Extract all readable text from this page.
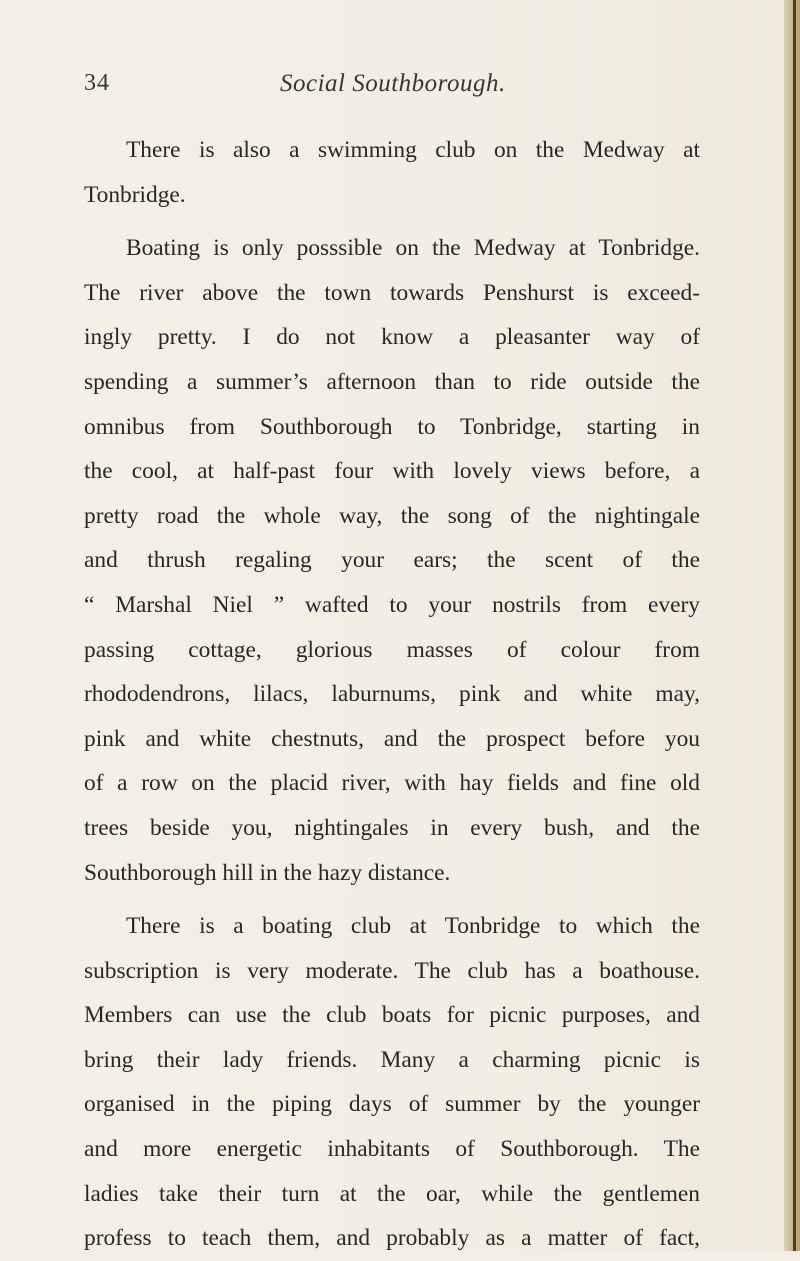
34	Social Southborough.
There is also a swimming club on the Medway at
Tonbridge.
Boating is only posssible on the Medway at Tonbridge.
The river above the town towards Penshurst is exceed-
ingly pretty. I do not know a pleasanter way of
spending a summer’s afternoon than to ride outside the
omnibus from Southborough to Tonbridge, starting in
the cool, at half-past four with lovely views before, a
pretty road the whole way, the song of the nightingale
and thrush regaling your ears; the scent of the
“ Marshal Niel ” wafted to your nostrils from every
passing cottage, glorious masses of colour from
rhododendrons, lilacs, laburnums, pink and white may,
pink and white chestnuts, and the prospect before you
of a row on the placid river, with hay fields and fine old
trees beside you, nightingales in every bush, and the
Southborough hill in the hazy distance.
There is a boating club at Tonbridge to which the
subscription is very moderate. The club has a boathouse.
Members can use the club boats for picnic purposes, and
bring their lady friends. Many a charming picnic is
organised in the piping days of summer by the younger
and more energetic inhabitants of Southborough. The
ladies take their turn at the oar, while the gentlemen
profess to teach them, and probably as a matter of fact,
